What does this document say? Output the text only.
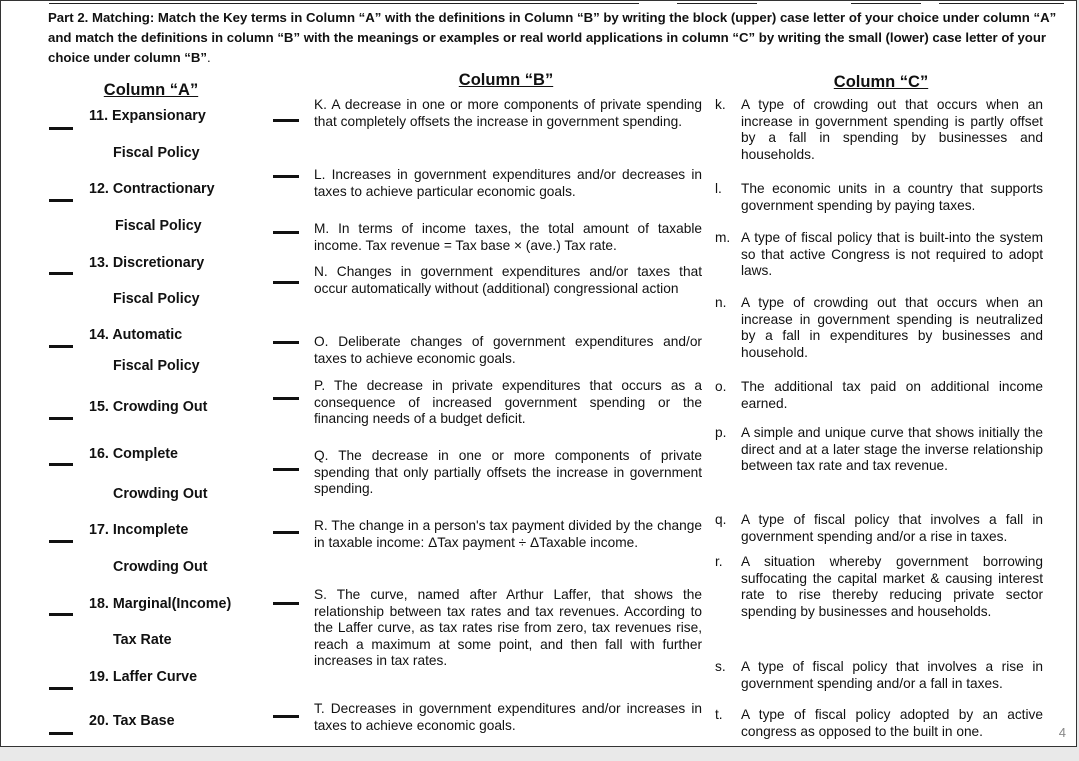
Part 2. Matching: Match the Key terms in Column “A” with the definitions in Column “B” by writing the block (upper) case letter of your choice under column “A” and match the definitions in column “B” with the meanings or examples or real world applications in column “C” by writing the small (lower) case letter of your choice under column “B”.

Column “A”
Column “B”	Column “C”
11. Expansionary
Fiscal Policy
12. Contractionary
Fiscal Policy
13. Discretionary
Fiscal Policy
14. Automatic
Fiscal Policy
15. Crowding Out
16. Complete
Crowding Out
17. Incomplete
Crowding Out
18. Marginal(Income)
Tax Rate
19. Laffer Curve
20. Tax Base

K. A decrease in one or more components of private spending that completely offsets the increase in government spending.

L. Increases in government expenditures and/or decreases in taxes to achieve particular economic goals.

M. In terms of income taxes, the total amount of taxable income. Tax revenue = Tax base × (ave.) Tax rate.

N. Changes in government expenditures and/or taxes that occur automatically without (additional) congressional action

O. Deliberate changes of government expenditures and/or taxes to achieve economic goals.

P. The decrease in private expenditures that occurs as a consequence of increased government spending or the financing needs of a budget deficit.

Q. The decrease in one or more components of private spending that only partially offsets the increase in government spending.

R. The change in a person's tax payment divided by the change in taxable income: ΔTax payment ÷ ΔTaxable income.

S. The curve, named after Arthur Laffer, that shows the relationship between tax rates and tax revenues. According to the Laffer curve, as tax rates rise from zero, tax revenues rise, reach a maximum at some point, and then fall with further increases in tax rates.

T. Decreases in government expenditures and/or increases in taxes to achieve economic goals.

k.	A type of crowding out that occurs when an increase in government spending is partly offset by a fall in spending by businesses and households.
l.	The economic units in a country that supports government spending by paying taxes.
m. A type of fiscal policy that is built-into the system so that active Congress is not required to adopt laws.
n.	A type of crowding out that occurs when an increase in government spending is neutralized by a fall in expenditures by businesses and household.
o.	The additional tax paid on additional income earned.
p.	A simple and unique curve that shows initially the direct and at a later stage the inverse relationship between tax rate and tax revenue.
q.	A type of fiscal policy that involves a fall in government spending and/or a rise in taxes.
r.	A situation whereby government borrowing suffocating the capital market & causing interest rate to rise thereby reducing private sector spending by businesses and households.
s.	A type of fiscal policy that involves a rise in government spending and/or a fall in taxes.
t.	A type of fiscal policy adopted by an active congress as opposed to the built in one.	4
